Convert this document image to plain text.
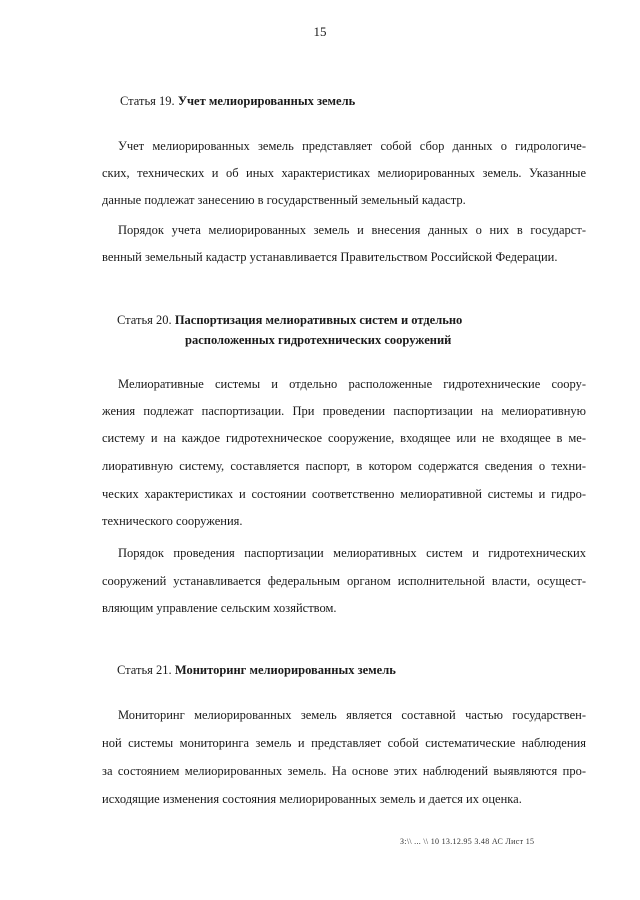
15
Статья 19. Учет мелиорированных земель
Учет мелиорированных земель представляет собой сбор данных о гидрологиче-
ских, технических и об иных характеристиках мелиорированных земель. Указанные
данные подлежат занесению в государственный земельный кадастр.
Порядок учета мелиорированных земель и внесения данных о них в государст-
венный земельный кадастр устанавливается Правительством Российской Федерации.
Статья 20. Паспортизация мелиоративных систем и отдельно
расположенных гидротехнических сооружений
Мелиоративные системы и отдельно расположенные гидротехнические соору-
жения подлежат паспортизации. При проведении паспортизации на мелиоративную
систему и на каждое гидротехническое сооружение, входящее или не входящее в ме-
лиоративную систему, составляется паспорт, в котором содержатся сведения о техни-
ческих характеристиках и состоянии соответственно мелиоративной системы и гидро-
технического сооружения.
Порядок проведения паспортизации мелиоративных систем и гидротехнических
сооружений устанавливается федеральным органом исполнительной власти, осущест-
вляющим управление сельским хозяйством.
Статья 21. Мониторинг мелиорированных земель
Мониторинг мелиорированных земель является составной частью государствен-
ной системы мониторинга земель и представляет собой систематические наблюдения
за состоянием мелиорированных земель. На основе этих наблюдений выявляются про-
исходящие изменения состояния мелиорированных земель и дается их оценка.
З:\\ ... \\ 10 13.12.95 3.48 АС Лист 15
